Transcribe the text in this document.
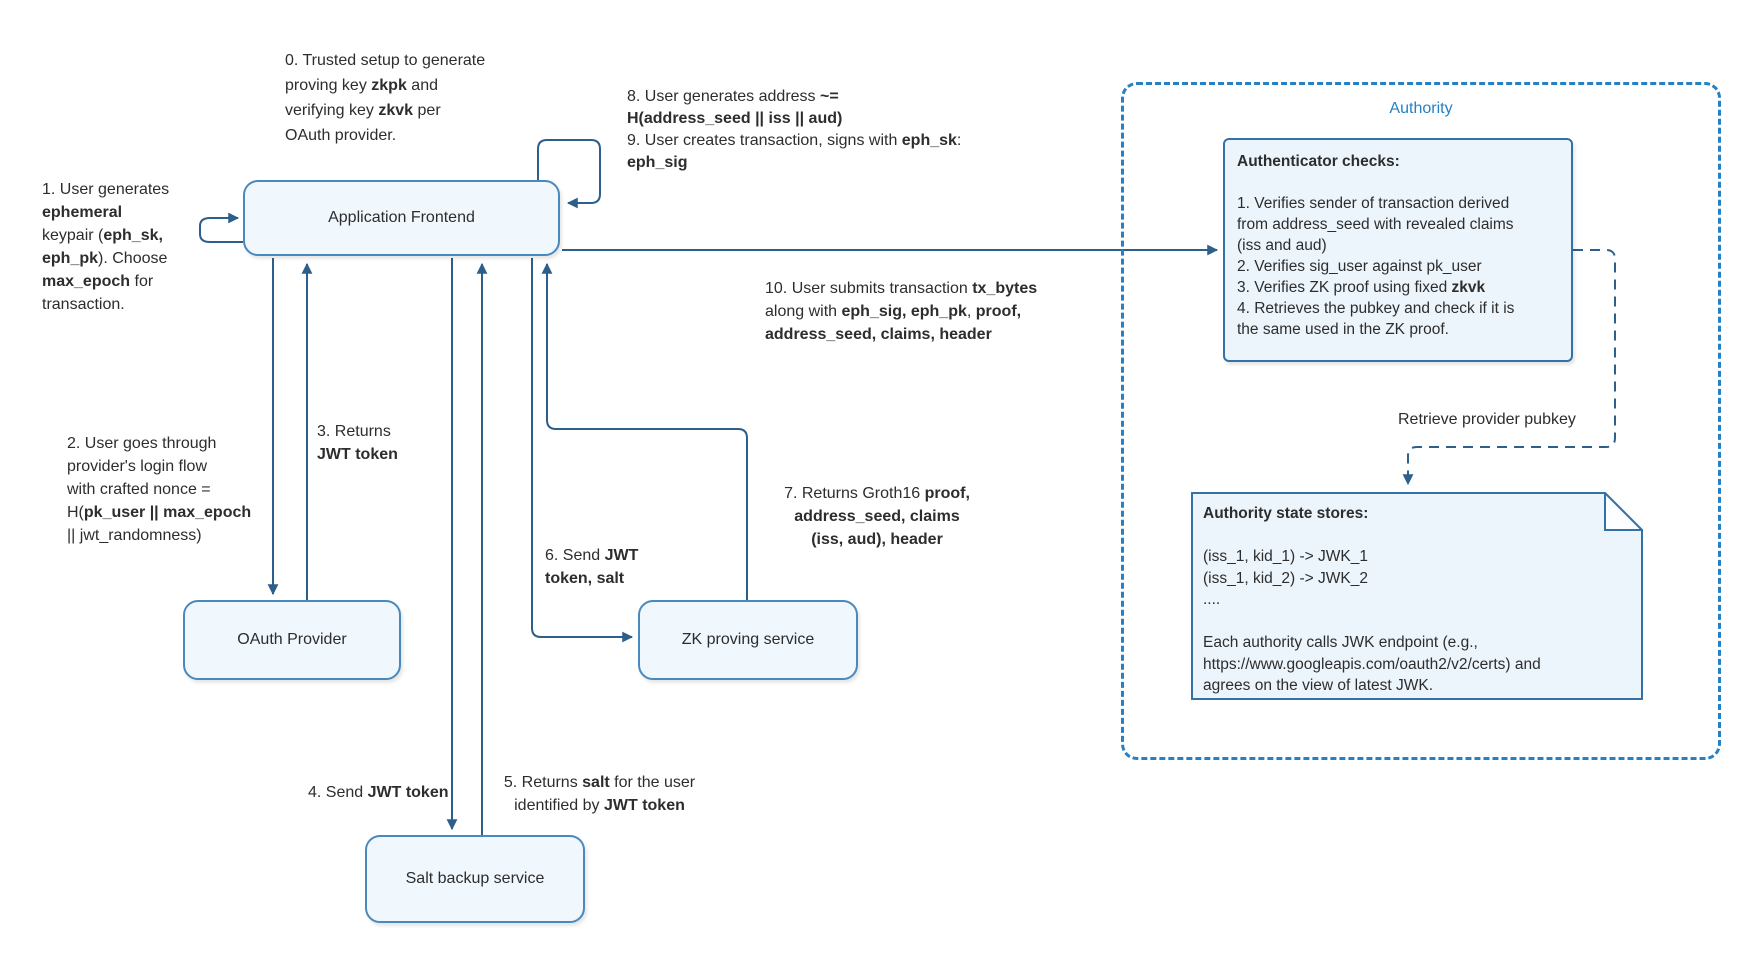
Authority
Application Frontend
OAuth Provider	ZK proving service
Salt backup service
Authenticator checks:

1. Verifies sender of transaction derived
from address_seed with revealed claims
(iss and aud)
2. Verifies sig_user against pk_user
3. Verifies ZK proof using fixed zkvk
4. Retrieves the pubkey and check if it is
the same used in the ZK proof.
Authority state stores:

(iss_1, kid_1) -> JWK_1
(iss_1, kid_2) -> JWK_2
....

Each authority calls JWK endpoint (e.g.,
https://www.googleapis.com/oauth2/v2/certs) and
agrees on the view of latest JWK.
0. Trusted setup to generate
proving key zkpk and
verifying key zkvk per
OAuth provider.
1. User generates
ephemeral
keypair (eph_sk,
eph_pk). Choose
max_epoch for
transaction.
2. User goes through
provider's login flow
with crafted nonce =
H(pk_user || max_epoch
|| jwt_randomness)
3. Returns
JWT token
4. Send JWT token
5. Returns salt for the user
identified by JWT token
6. Send JWT
token, salt
7. Returns Groth16 proof,
address_seed, claims
(iss, aud), header
8. User generates address ~=
H(address_seed || iss || aud)
9. User creates transaction, signs with eph_sk:
eph_sig
10. User submits transaction tx_bytes
along with eph_sig, eph_pk, proof,
address_seed, claims, header
Retrieve provider pubkey
